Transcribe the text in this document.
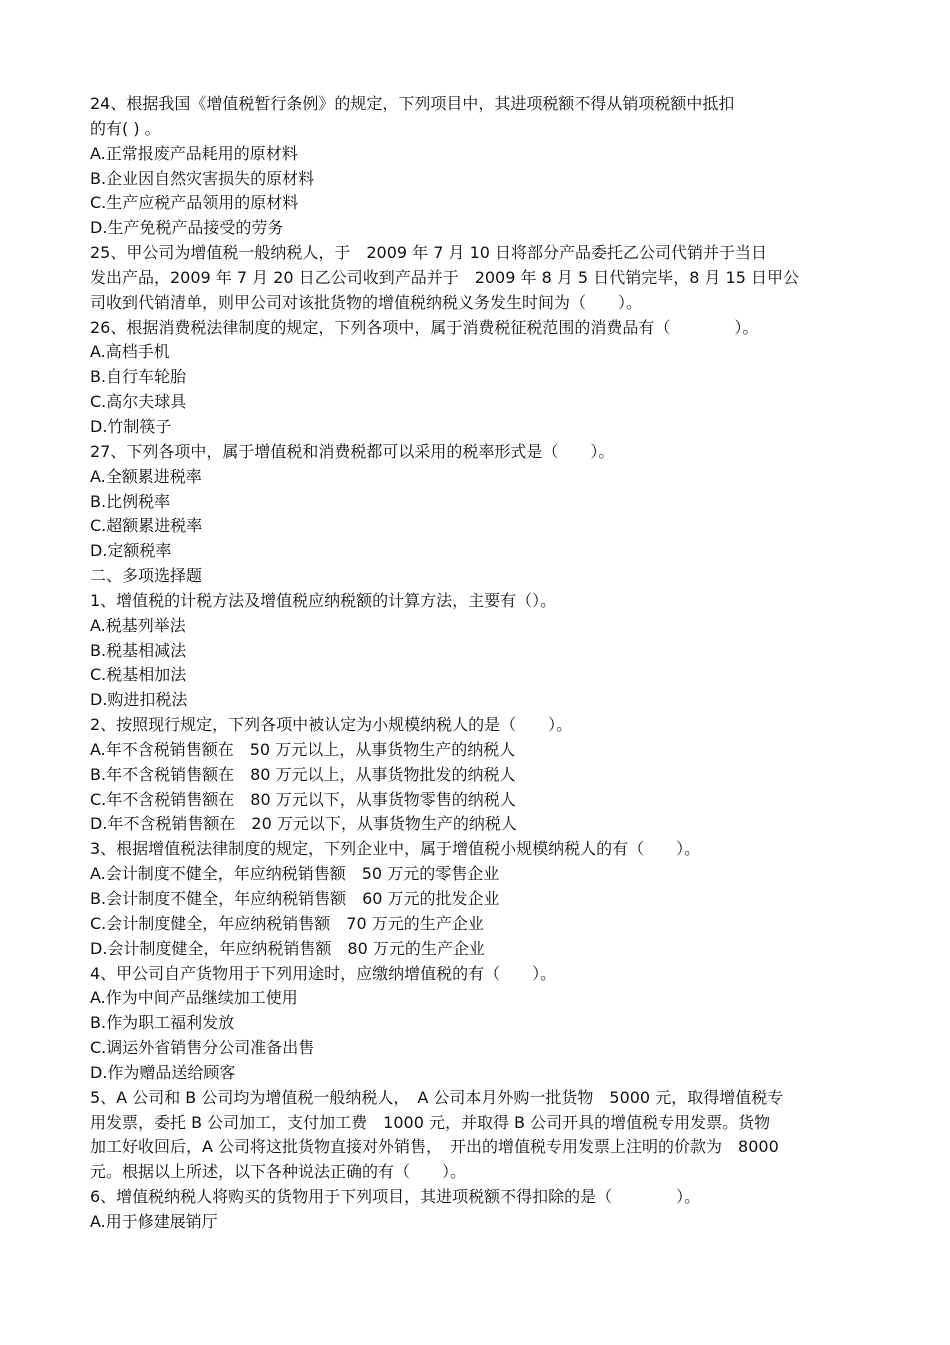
24、根据我国《增值税暂行条例》的规定，下列项目中，其进项税额不得从销项税额中抵扣
的有( ) 。
A.正常报废产品耗用的原材料
B.企业因自然灾害损失的原材料
C.生产应税产品领用的原材料
D.生产免税产品接受的劳务
25、甲公司为增值税一般纳税人，于　2009 年 7 月 10 日将部分产品委托乙公司代销并于当日
发出产品，2009 年 7 月 20 日乙公司收到产品并于　2009 年 8 月 5 日代销完毕，8 月 15 日甲公
司收到代销清单，则甲公司对该批货物的增值税纳税义务发生时间为（　　）。
26、根据消费税法律制度的规定，下列各项中，属于消费税征税范围的消费品有（　　　　）。
A.高档手机
B.自行车轮胎
C.高尔夫球具
D.竹制筷子
27、下列各项中，属于增值税和消费税都可以采用的税率形式是（　　）。
A.全额累进税率
B.比例税率
C.超额累进税率
D.定额税率
二、多项选择题
1、增值税的计税方法及增值税应纳税额的计算方法，主要有（）。
A.税基列举法
B.税基相减法
C.税基相加法
D.购进扣税法
2、按照现行规定，下列各项中被认定为小规模纳税人的是（　　）。
A.年不含税销售额在　50 万元以上，从事货物生产的纳税人
B.年不含税销售额在　80 万元以上，从事货物批发的纳税人
C.年不含税销售额在　80 万元以下，从事货物零售的纳税人
D.年不含税销售额在　20 万元以下，从事货物生产的纳税人
3、根据增值税法律制度的规定，下列企业中，属于增值税小规模纳税人的有（　　）。
A.会计制度不健全，年应纳税销售额　50 万元的零售企业
B.会计制度不健全，年应纳税销售额　60 万元的批发企业
C.会计制度健全，年应纳税销售额　70 万元的生产企业
D.会计制度健全，年应纳税销售额　80 万元的生产企业
4、甲公司自产货物用于下列用途时，应缴纳增值税的有（　　）。
A.作为中间产品继续加工使用
B.作为职工福利发放
C.调运外省销售分公司准备出售
D.作为赠品送给顾客
5、A 公司和 B 公司均为增值税一般纳税人，　A 公司本月外购一批货物　5000 元，取得增值税专
用发票，委托 B 公司加工，支付加工费　1000 元，并取得 B 公司开具的增值税专用发票。货物
加工好收回后，A 公司将这批货物直接对外销售，　开出的增值税专用发票上注明的价款为　8000
元。根据以上所述，以下各种说法正确的有（　　）。
6、增值税纳税人将购买的货物用于下列项目，其进项税额不得扣除的是（　　　　）。
A.用于修建展销厅
